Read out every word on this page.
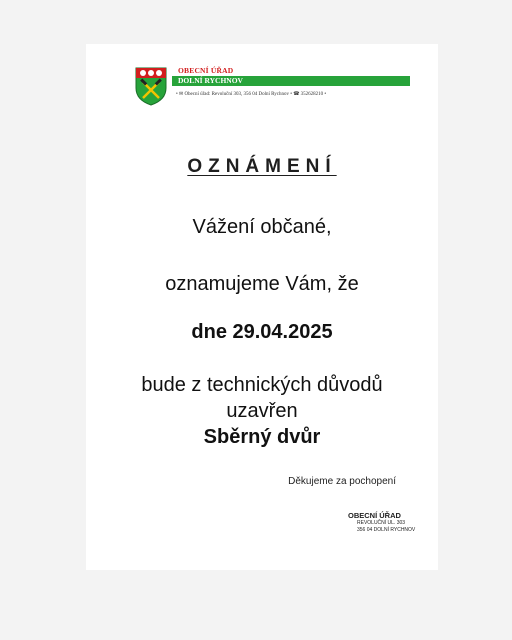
OBECNÍ ÚŘAD
DOLNÍ RYCHNOV
• ✉ Obecní úřad: Revoluční 303, 356 04 Dolní Rychnov • ☎ 352628210 •
OZNÁMENÍ
Vážení občané,
oznamujeme Vám, že
dne 29.04.2025
bude z technických důvodů
uzavřen
Sběrný dvůr
Děkujeme za pochopení
OBECNÍ ÚŘAD
REVOLUČNÍ UL. 303
356 04 DOLNÍ RYCHNOV
